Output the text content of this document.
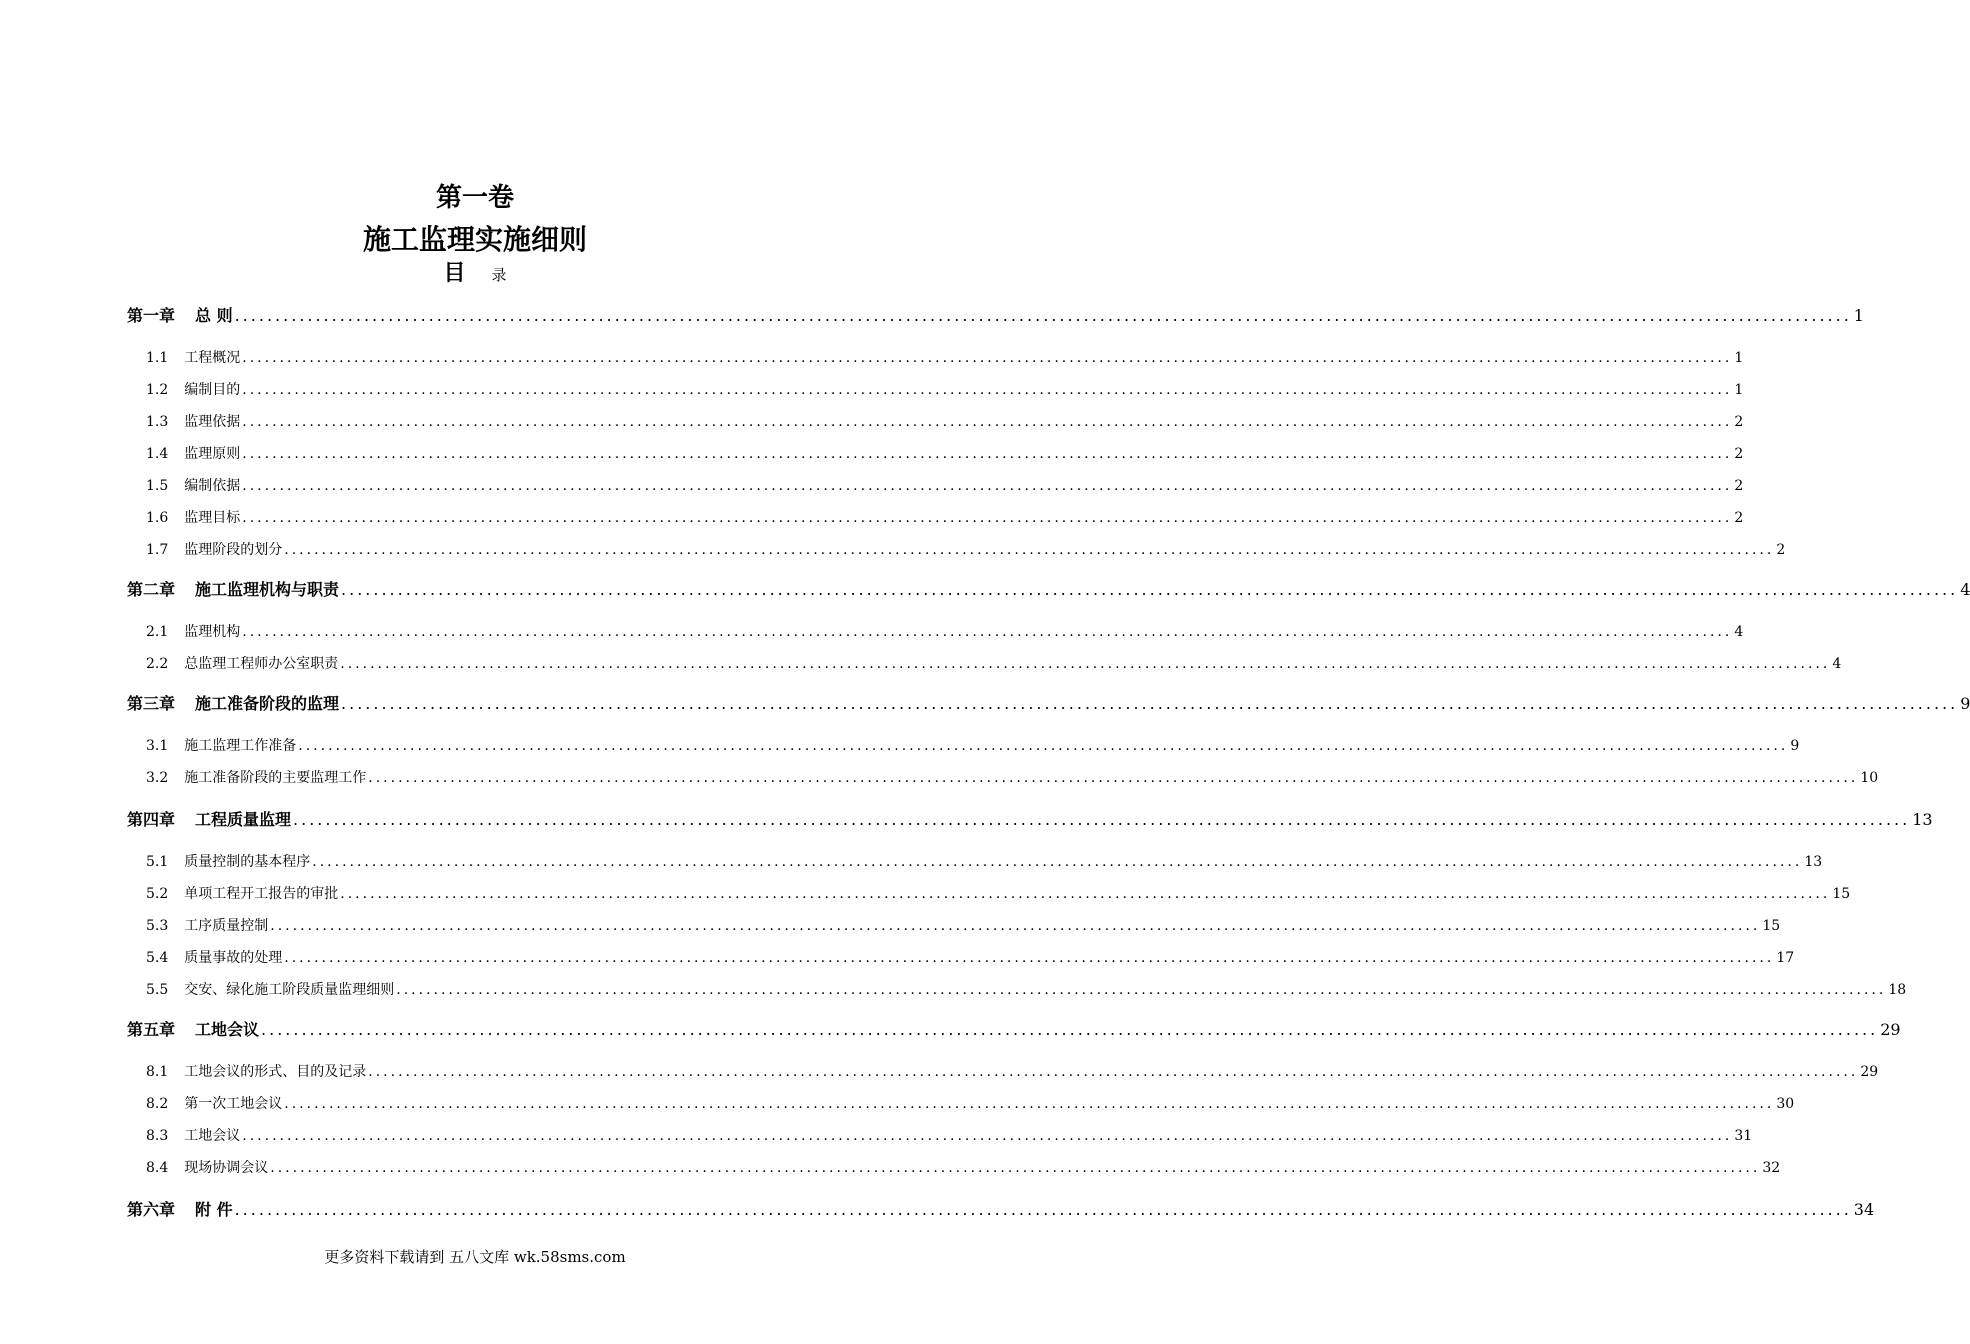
第一卷
施工监理实施细则
目 录
第一章 总 则 ........................................................................................................................................................................................................ 1
1.1 工程概况 ........................................................................................................................................................................................................ 1
1.2 编制目的 ........................................................................................................................................................................................................ 1
1.3 监理依据 ........................................................................................................................................................................................................ 2
1.4 监理原则 ........................................................................................................................................................................................................ 2
1.5 编制依据 ........................................................................................................................................................................................................ 2
1.6 监理目标 ........................................................................................................................................................................................................ 2
1.7 监理阶段的划分 ........................................................................................................................................................................................................ 2
第二章 施工监理机构与职责 ........................................................................................................................................................................................................ 4
2.1 监理机构 ........................................................................................................................................................................................................ 4
2.2 总监理工程师办公室职责 ........................................................................................................................................................................................................ 4
第三章 施工准备阶段的监理 ........................................................................................................................................................................................................ 9
3.1 施工监理工作准备 ........................................................................................................................................................................................................ 9
3.2 施工准备阶段的主要监理工作 ........................................................................................................................................................................................................ 10
第四章 工程质量监理 ........................................................................................................................................................................................................ 13
5.1 质量控制的基本程序 ........................................................................................................................................................................................................ 13
5.2 单项工程开工报告的审批 ........................................................................................................................................................................................................ 15
5.3 工序质量控制 ........................................................................................................................................................................................................ 15
5.4 质量事故的处理 ........................................................................................................................................................................................................ 17
5.5 交安、绿化施工阶段质量监理细则 ........................................................................................................................................................................................................ 18
第五章 工地会议 ........................................................................................................................................................................................................ 29
8.1 工地会议的形式、目的及记录 ........................................................................................................................................................................................................ 29
8.2 第一次工地会议 ........................................................................................................................................................................................................ 30
8.3 工地会议 ........................................................................................................................................................................................................ 31
8.4 现场协调会议 ........................................................................................................................................................................................................ 32
第六章 附 件 ........................................................................................................................................................................................................ 34
更多资料下载请到 五八文库 wk.58sms.com
